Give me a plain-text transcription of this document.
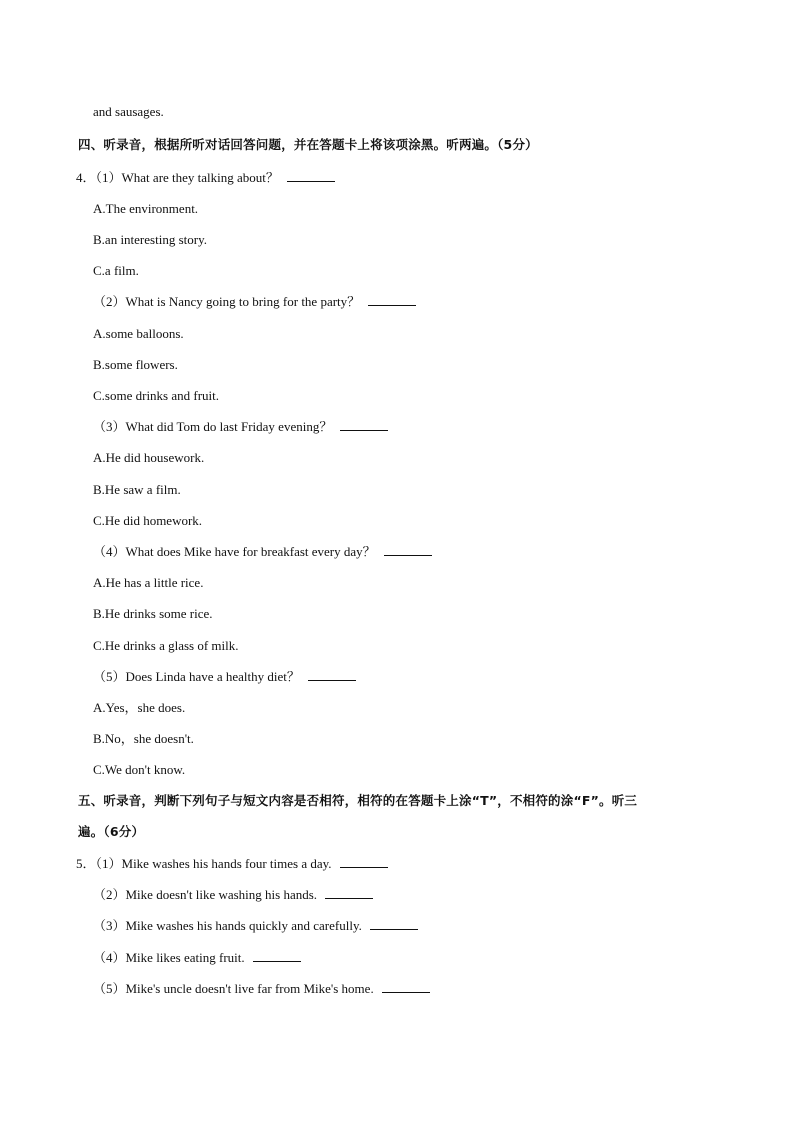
and sausages.
四、听录音，根据所听对话回答问题，并在答题卡上将该项涂黑。听两遍。（5分）
4．（1）What are they talking about？
A.The environment.
B.an interesting story.
C.a film.
（2）What is Nancy going to bring for the party？
A.some balloons.
B.some flowers.
C.some drinks and fruit.
（3）What did Tom do last Friday evening？
A.He did housework.
B.He saw a film.
C.He did homework.
（4）What does Mike have for breakfast every day？
A.He has a little rice.
B.He drinks some rice.
C.He drinks a glass of milk.
（5）Does Linda have a healthy diet？
A.Yes，she does.
B.No，she doesn't.
C.We don't know.
五、听录音，判断下列句子与短文内容是否相符，相符的在答题卡上涂“T”，不相符的涂“F”。听三
遍。（6分）
5．（1）Mike washes his hands four times a day.
（2）Mike doesn't like washing his hands.
（3）Mike washes his hands quickly and carefully.
（4）Mike likes eating fruit.
（5）Mike's uncle doesn't live far from Mike's home.
